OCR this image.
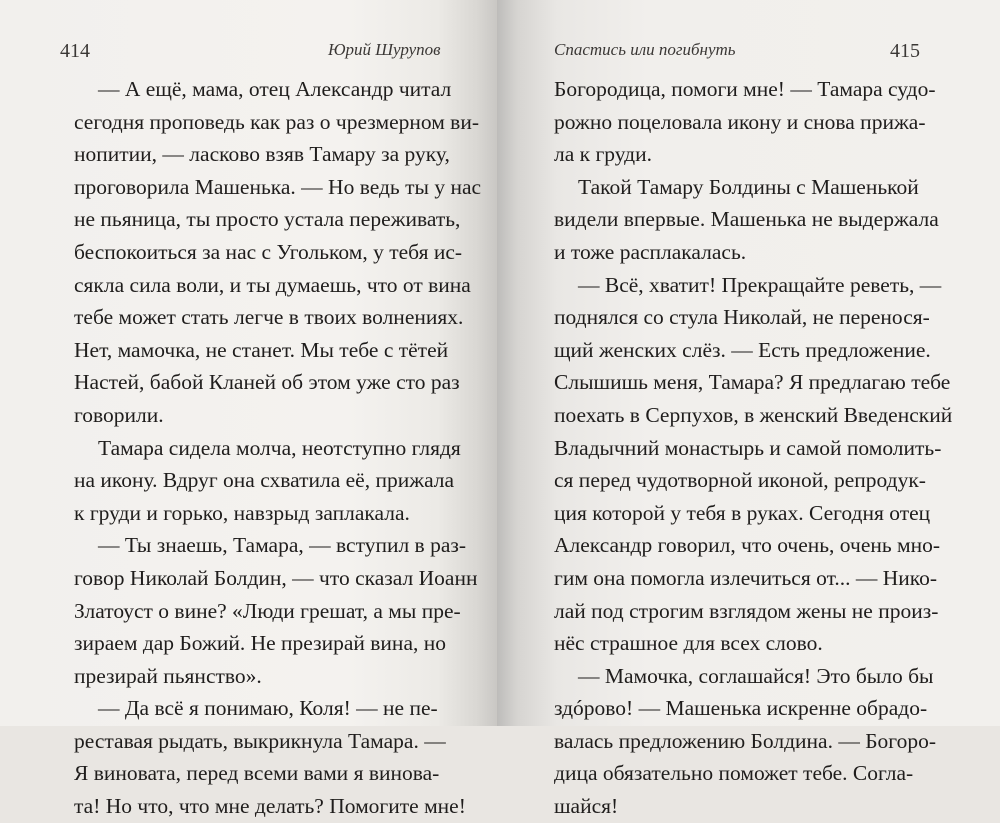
414	Юрий Шурупов
— А ещё, мама, отец Александр читал
сегодня проповедь как раз о чрезмерном ви-
нопитии, — ласково взяв Тамару за руку,
проговорила Машенька. — Но ведь ты у нас
не пьяница, ты просто устала переживать,
беспокоиться за нас с Угольком, у тебя ис-
сякла сила воли, и ты думаешь, что от вина
тебе может стать легче в твоих волнениях.
Нет, мамочка, не станет. Мы тебе с тётей
Настей, бабой Кланей об этом уже сто раз
говорили.
Тамара сидела молча, неотступно глядя
на икону. Вдруг она схватила её, прижала
к груди и горько, навзрыд заплакала.
— Ты знаешь, Тамара, — вступил в раз-
говор Николай Болдин, — что сказал Иоанн
Златоуст о вине? «Люди грешат, а мы пре-
зираем дар Божий. Не презирай вина, но
презирай пьянство».
— Да всё я понимаю, Коля! — не пе-
реставая рыдать, выкрикнула Тамара. —
Я виновата, перед всеми вами я винова-
та! Но что, что мне делать? Помогите мне!
Спастись или погибнуть	415
Богородица, помоги мне! — Тамара судо-
рожно поцеловала икону и снова прижа-
ла к груди.
Такой Тамару Болдины с Машенькой
видели впервые. Машенька не выдержала
и тоже расплакалась.
— Всё, хватит! Прекращайте реветь, —
поднялся со стула Николай, не перенося-
щий женских слёз. — Есть предложение.
Слышишь меня, Тамара? Я предлагаю тебе
поехать в Серпухов, в женский Введенский
Владычний монастырь и самой помолить-
ся перед чудотворной иконой, репродук-
ция которой у тебя в руках. Сегодня отец
Александр говорил, что очень, очень мно-
гим она помогла излечиться от... — Нико-
лай под строгим взглядом жены не произ-
нёс страшное для всех слово.
— Мамочка, соглашайся! Это было бы
здóрово! — Машенька искренне обрадо-
валась предложению Болдина. — Богоро-
дица обязательно поможет тебе. Согла-
шайся!
